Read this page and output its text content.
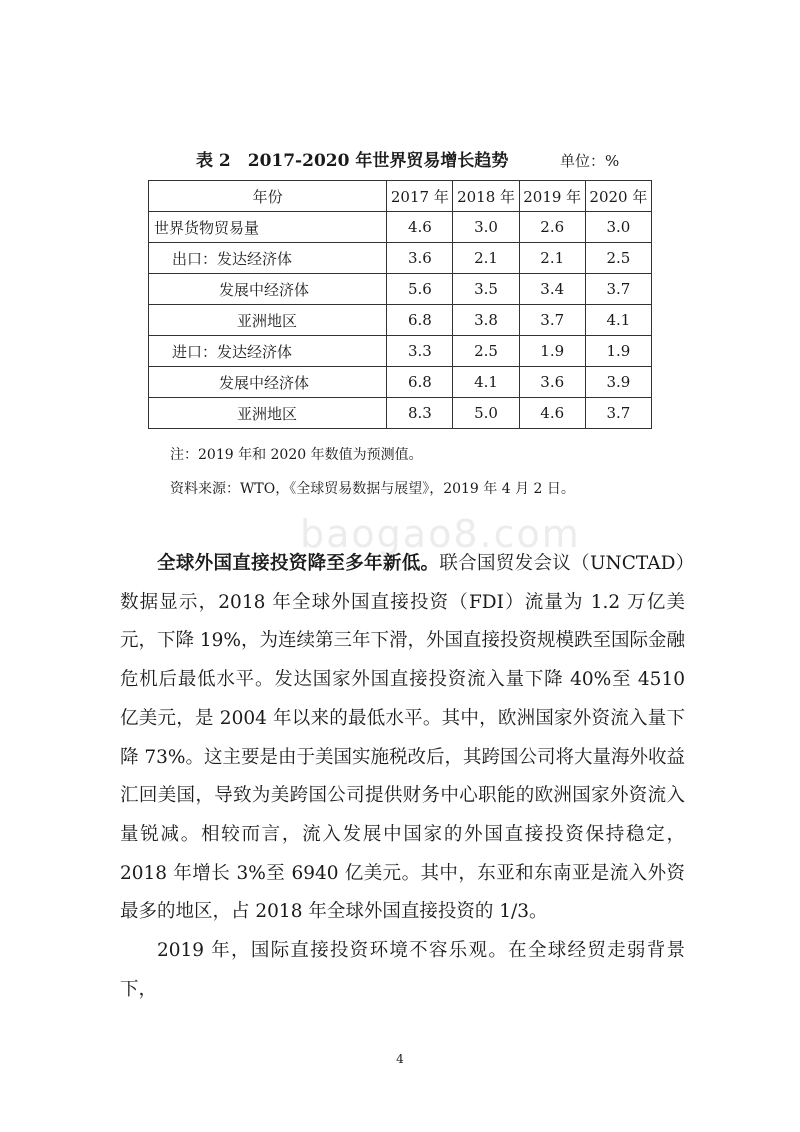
表 2　2017-2020 年世界贸易增长趋势	单位：%
年份	2017 年	2018 年	2019 年	2020 年
世界货物贸易量	4.6	3.0	2.6	3.0
出口：发达经济体	3.6	2.1	2.1	2.5
发展中经济体	5.6	3.5	3.4	3.7
亚洲地区	6.8	3.8	3.7	4.1
进口：发达经济体	3.3	2.5	1.9	1.9
发展中经济体	6.8	4.1	3.6	3.9
亚洲地区	8.3	5.0	4.6	3.7
注：2019 年和 2020 年数值为预测值。
资料来源：WTO，《全球贸易数据与展望》，2019 年 4 月 2 日。
baogao8.com

全球外国直接投资降至多年新低。联合国贸发会议（UNCTAD）数据显示，2018 年全球外国直接投资（FDI）流量为 1.2 万亿美元，下降 19%，为连续第三年下滑，外国直接投资规模跌至国际金融危机后最低水平。发达国家外国直接投资流入量下降 40%至 4510 亿美元，是 2004 年以来的最低水平。其中，欧洲国家外资流入量下降 73%。这主要是由于美国实施税改后，其跨国公司将大量海外收益汇回美国，导致为美跨国公司提供财务中心职能的欧洲国家外资流入量锐减。相较而言，流入发展中国家的外国直接投资保持稳定，2018 年增长 3%至 6940 亿美元。其中，东亚和东南亚是流入外资最多的地区，占 2018 年全球外国直接投资的 1/3。

2019 年，国际直接投资环境不容乐观。在全球经贸走弱背景下，

4
